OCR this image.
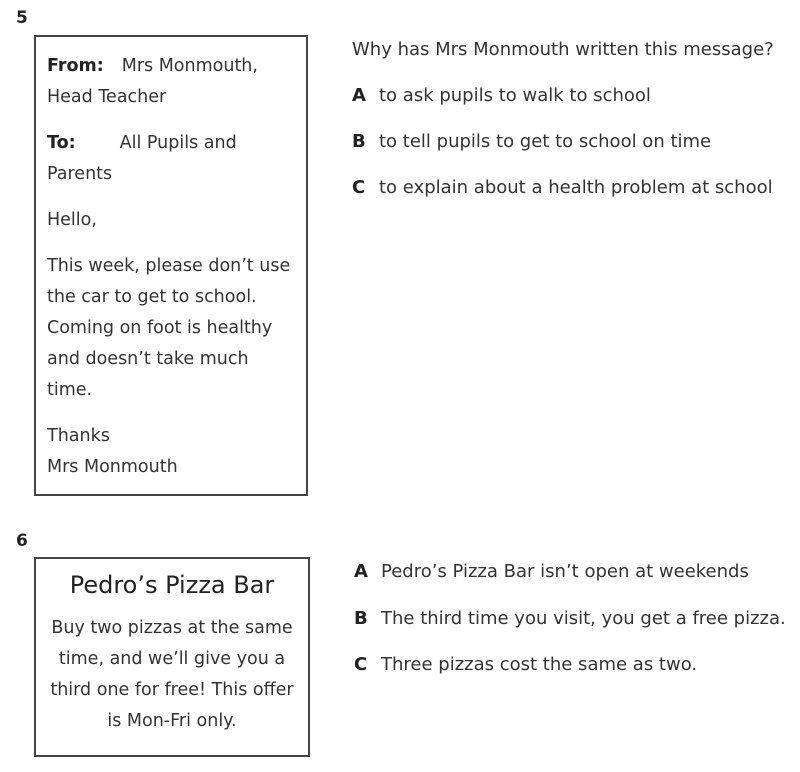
5

From: Mrs Monmouth, Head Teacher

To:	All Pupils and Parents

Hello,

This week, please don’t use the car to get to school. Coming on foot is healthy and doesn’t take much time.

Thanks
Mrs Monmouth

Why has Mrs Monmouth written this message?
A to ask pupils to walk to school
B to tell pupils to get to school on time
C to explain about a health problem at school
6
Pedro’s Pizza Bar
Buy two pizzas at the same time, and we’ll give you a third one for free! This offer is Mon-Fri only.
A Pedro’s Pizza Bar isn’t open at weekends
B The third time you visit, you get a free pizza.
C Three pizzas cost the same as two.
